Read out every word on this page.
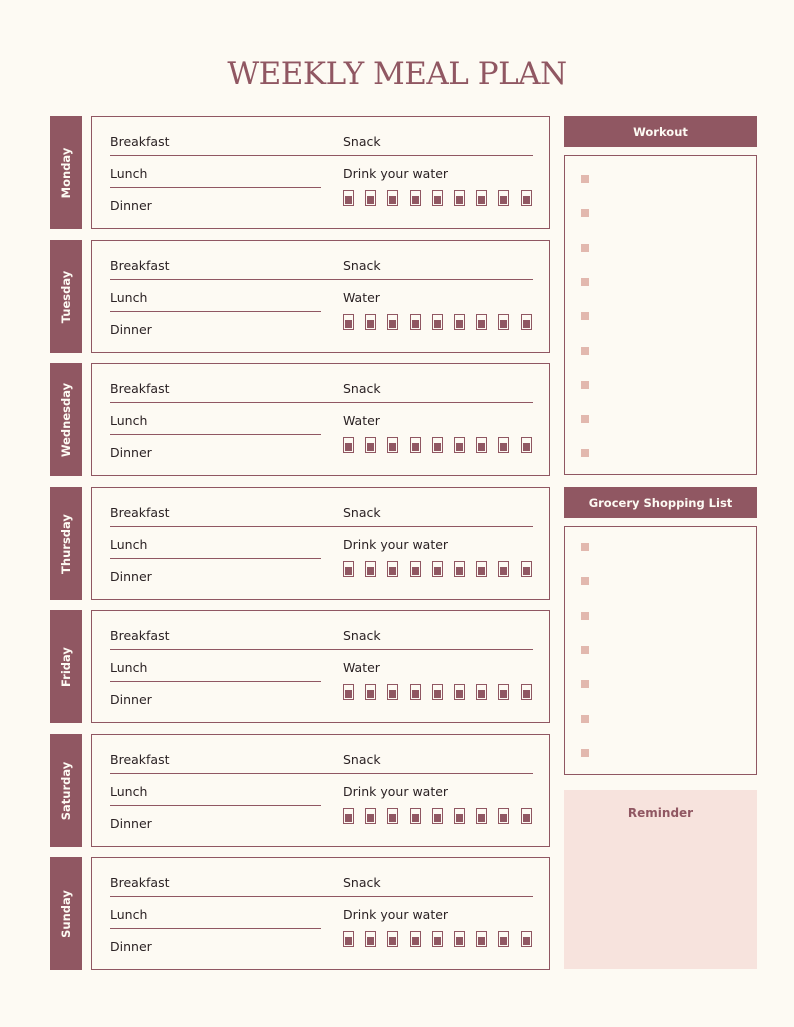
WEEKLY MEAL PLAN
Monday
Breakfast	Snack
Lunch	Drink your water
Dinner
Tuesday
Breakfast	Snack
Lunch	Water
Dinner
Wednesday	Breakfast	Snack
Lunch	Water
Dinner
Thursday
Breakfast	Snack
Lunch	Drink your water
Dinner
Friday
Breakfast	Snack
Lunch	Water
Dinner
Saturday
Breakfast	Snack
Lunch	Drink your water
Dinner
Sunday
Breakfast	Snack
Lunch	Drink your water
Dinner
Workout
Grocery Shopping List
Reminder
